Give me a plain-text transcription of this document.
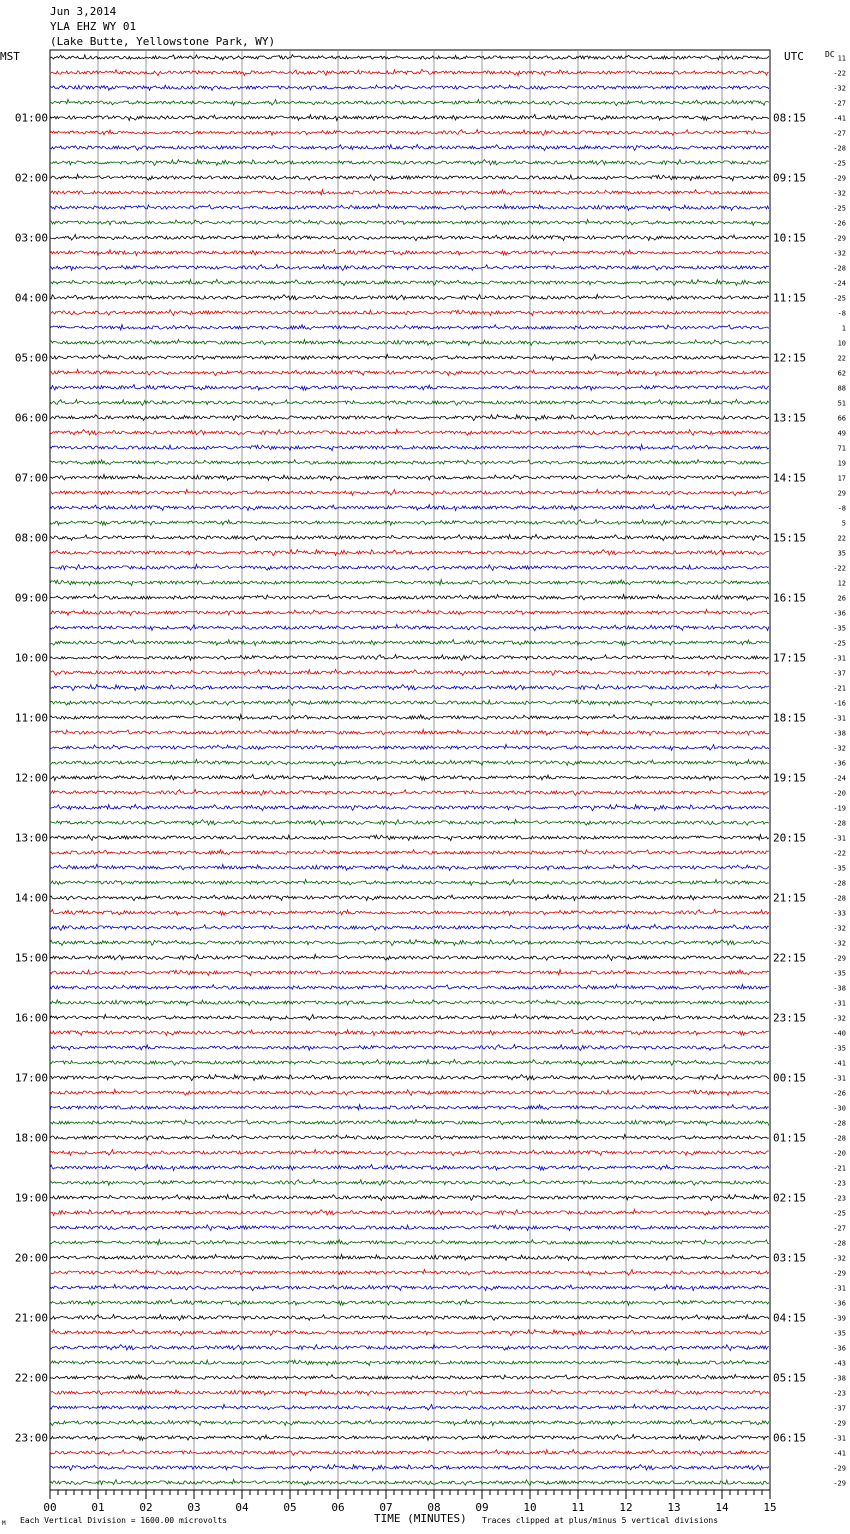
Jun 3,2014
YLA EHZ WY 01
(Lake Butte, Yellowstone Park, WY)
MST	UTC	DC 11
-22
-32
-27
-41
-27
-28
-25
-29
-32
-25
-26
-29
-32
-28
-24
-25
-8
1
10
22
62
88
51
66
49
71
19
17
29
-8
5
22
35
-22
12
26
-36
-35
-25
-31
-37
-21
-16
-31
-38
-32
-36
-24
-20
-19
-28
-31
-22
-35
-28
-28
-33
-32
-32
-29
-35
-38
-31
-32
-40
-35
-41
-31
-26
-30
-28
-28
-20
-21
-23
-23
-25
-27
-28
-32
-29
-31
-36
-39
-35
-36
-43
-38
-23
-37
-29
-31
-41
-29
-29
01:00
02:00
03:00
04:00
05:00
06:00
07:00
08:00
09:00
10:00
11:00
12:00
13:00
14:00
15:00
16:00
17:00
18:00
19:00
20:00
21:00
22:00
23:00
08:15
09:15
10:15
11:15
12:15
13:15
14:15
15:15
16:15
17:15
18:15
19:15
20:15
21:15
22:15
23:15
00:15
01:15
02:15
03:15
04:15
05:15
06:15
00	01	02	03	04	05	06	07	08	09	10	11	12	13	14	15
Each Vertical Division = 1600.00 microvolts	TIME (MINUTES) Traces clipped at plus/minus 5 vertical divisions
M
